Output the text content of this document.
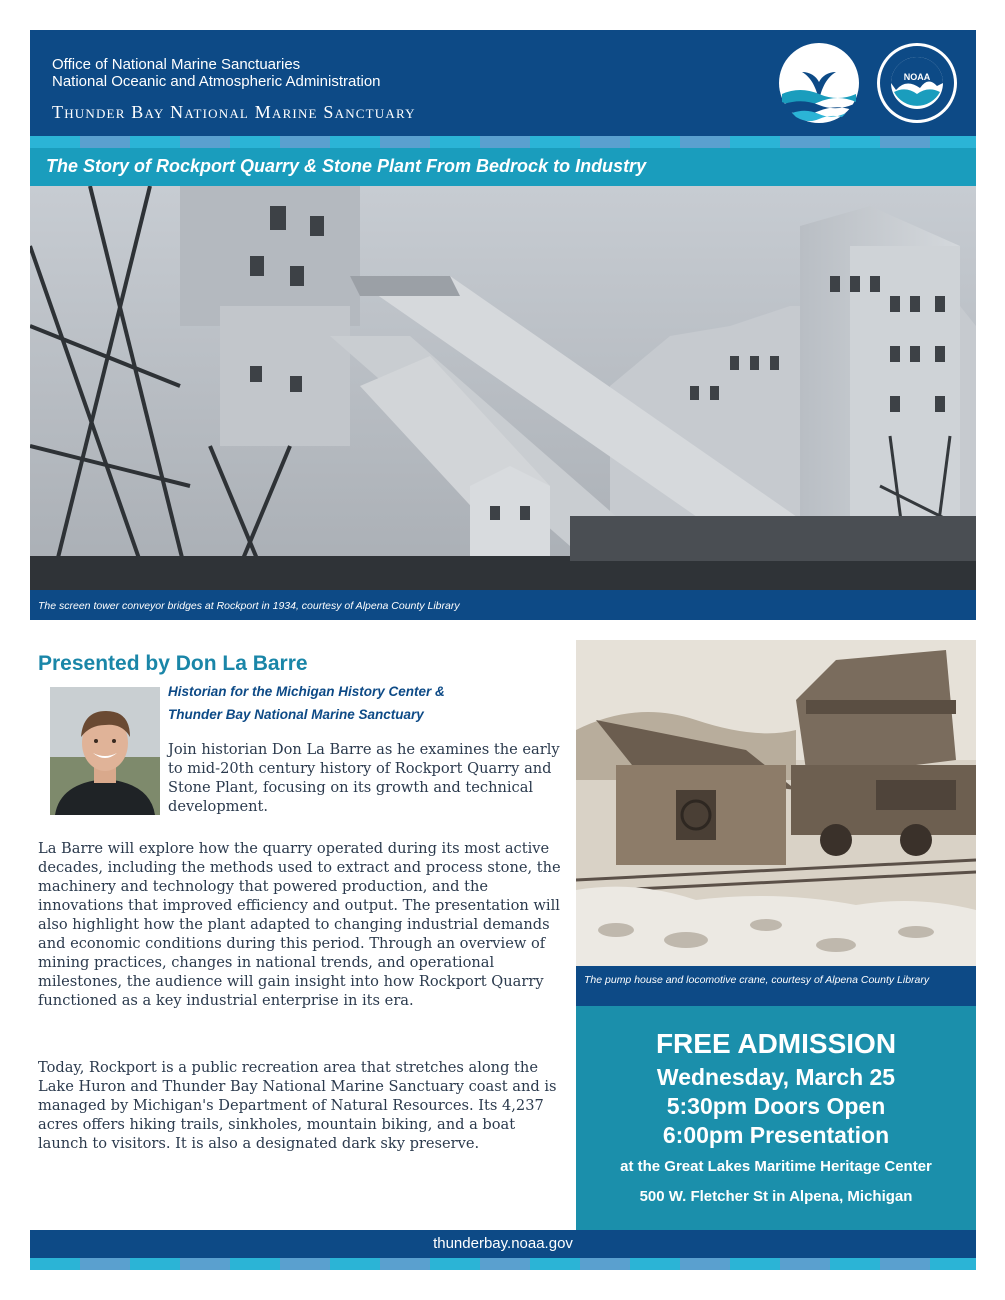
Office of National Marine Sanctuaries
National Oceanic and Atmospheric Administration
Thunder Bay National Marine Sanctuary
NOAA
The Story of Rockport Quarry & Stone Plant From Bedrock to Industry
The screen tower conveyor bridges at Rockport in 1934, courtesy of Alpena County Library
Presented by Don La Barre
Historian for the Michigan History Center &
Thunder Bay National Marine Sanctuary

Join historian Don La Barre as he examines the early to mid-20th century history of Rockport Quarry and Stone Plant, focusing on its growth and technical development.

La Barre will explore how the quarry operated during its most active decades, including the methods used to extract and process stone, the machinery and technology that powered production, and the innovations that improved efficiency and output. The presentation will also highlight how the plant adapted to changing industrial demands and economic conditions during this period. Through an overview of mining practices, changes in national trends, and operational milestones, the audience will gain insight into how Rockport Quarry functioned as a key industrial enterprise in its era.

Today, Rockport is a public recreation area that stretches along the Lake Huron and Thunder Bay National Marine Sanctuary coast and is managed by Michigan's Department of Natural Resources. Its 4,237 acres offers hiking trails, sinkholes, mountain biking, and a boat launch to visitors. It is also a designated dark sky preserve.

The pump house and locomotive crane, courtesy of Alpena County Library
FREE ADMISSION
Wednesday, March 25
5:30pm Doors Open
6:00pm Presentation
at the Great Lakes Maritime Heritage Center
500 W. Fletcher St in Alpena, Michigan
thunderbay.noaa.gov
